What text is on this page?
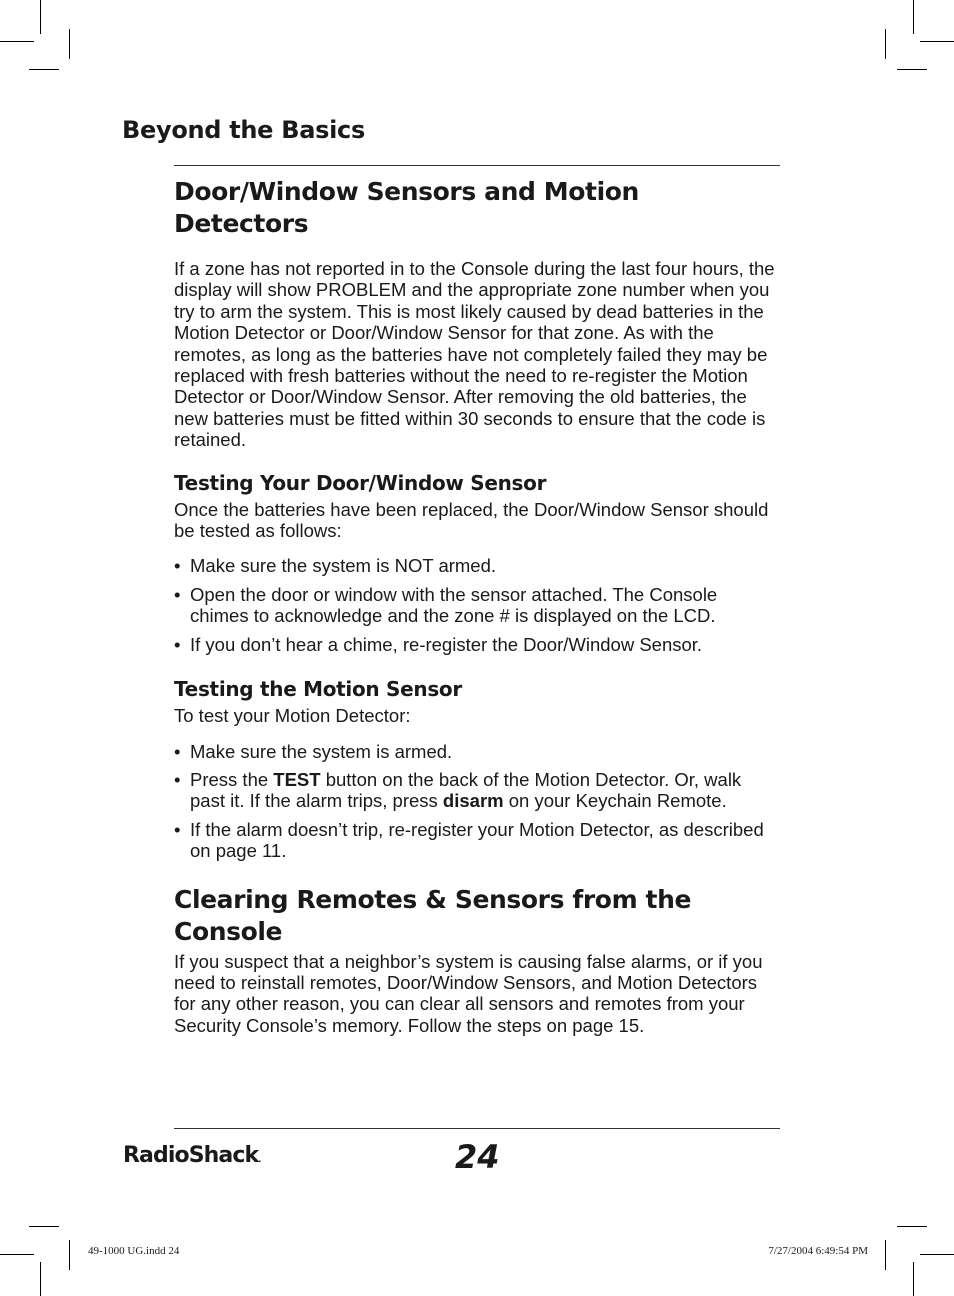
Beyond the Basics
Door/Window Sensors and Motion Detectors

If a zone has not reported in to the Console during the last four hours, the display will show PROBLEM and the appropriate zone number when you try to arm the system. This is most likely caused by dead batteries in the Motion Detector or Door/Window Sensor for that zone. As with the remotes, as long as the batteries have not completely failed they may be replaced with fresh batteries without the need to re-register the Motion Detector or Door/Window Sensor. After removing the old batteries, the new batteries must be fitted within 30 seconds to ensure that the code is retained.

Testing Your Door/Window Sensor

Once the batteries have been replaced, the Door/Window Sensor should be tested as follows:

• Make sure the system is NOT armed.
• Open the door or window with the sensor attached. The Console chimes to acknowledge and the zone # is displayed on the LCD.
• If you don’t hear a chime, re-register the Door/Window Sensor.
Testing the Motion Sensor

To test your Motion Detector:

• Make sure the system is armed.
• Press the TEST button on the back of the Motion Detector. Or, walk past it. If the alarm trips, press disarm on your Keychain Remote.
• If the alarm doesn’t trip, re-register your Motion Detector, as described on page 11.
Clearing Remotes & Sensors from the Console

If you suspect that a neighbor’s system is causing false alarms, or if you need to reinstall remotes, Door/Window Sensors, and Motion Detectors for any other reason, you can clear all sensors and remotes from your Security Console’s memory. Follow the steps on page 15.

RadioShack.	24
49-1000 UG.indd 24	7/27/2004 6:49:54 PM
